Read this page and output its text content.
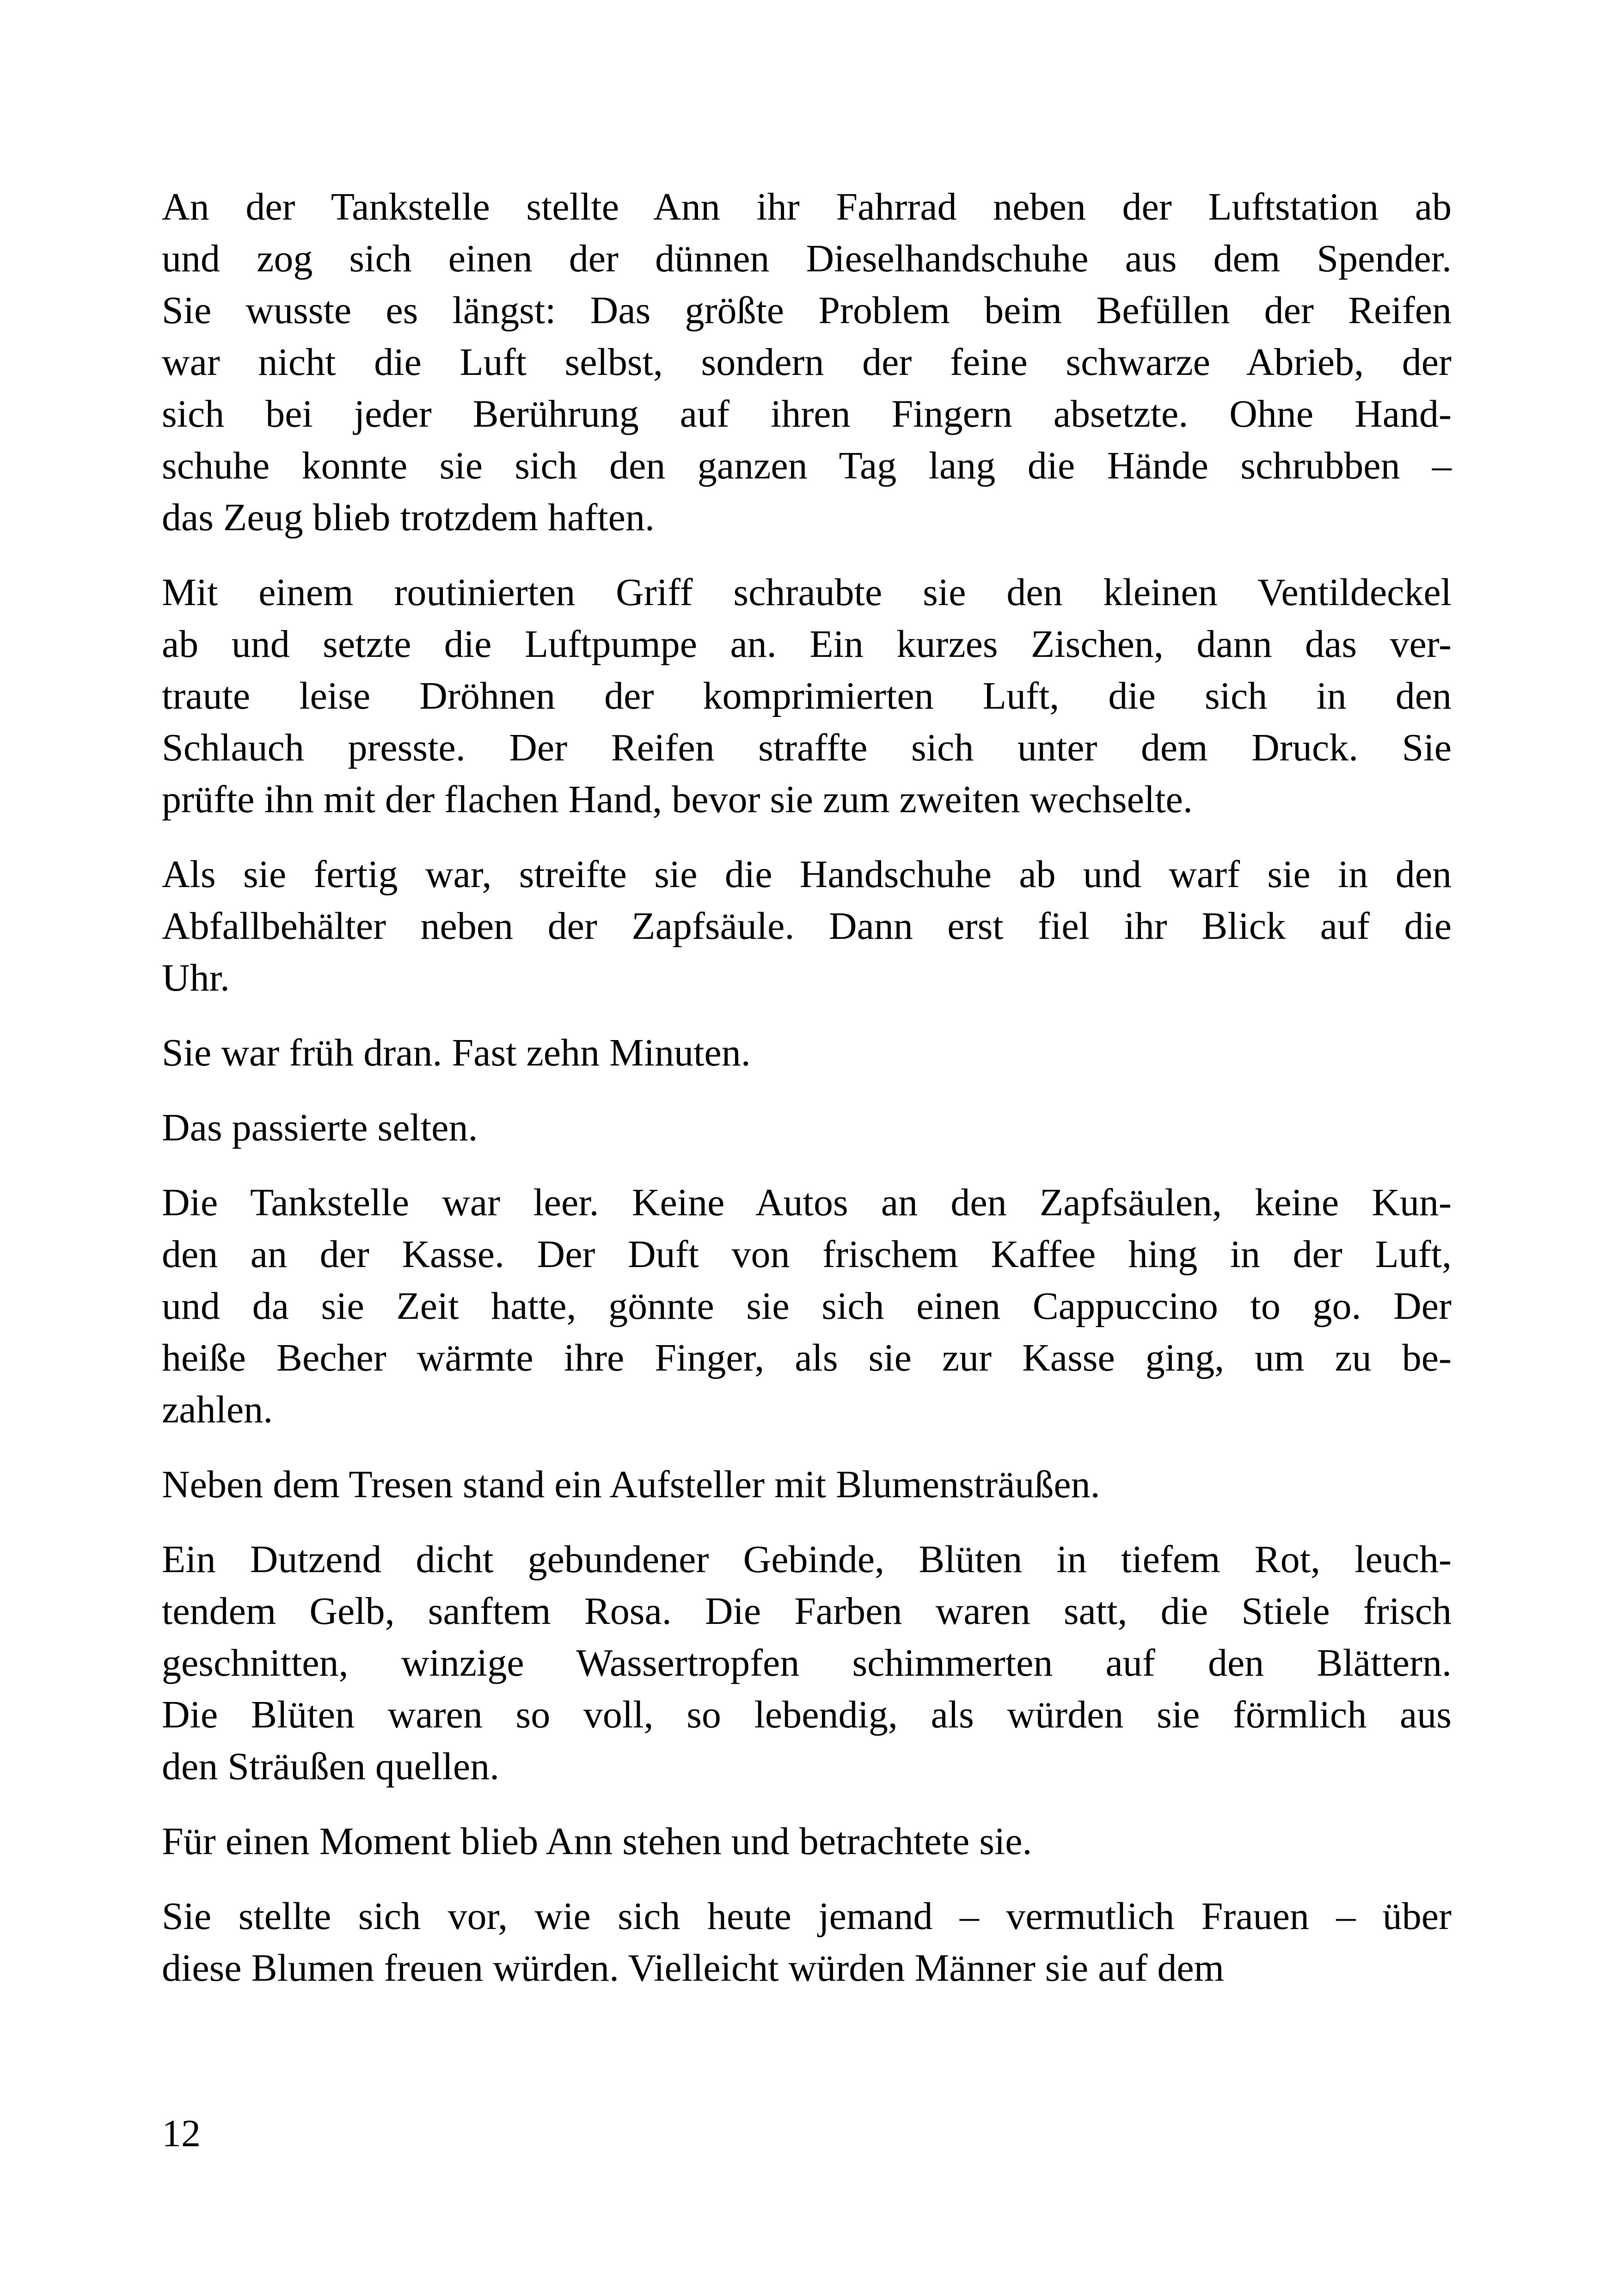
An der Tankstelle stellte Ann ihr Fahrrad neben der Luftstation ab
und zog sich einen der dünnen Dieselhandschuhe aus dem Spender.
Sie wusste es längst: Das größte Problem beim Befüllen der Reifen
war nicht die Luft selbst, sondern der feine schwarze Abrieb, der
sich bei jeder Berührung auf ihren Fingern absetzte. Ohne Hand-
schuhe konnte sie sich den ganzen Tag lang die Hände schrubben –
das Zeug blieb trotzdem haften.
Mit einem routinierten Griff schraubte sie den kleinen Ventildeckel
ab und setzte die Luftpumpe an. Ein kurzes Zischen, dann das ver-
traute leise Dröhnen der komprimierten Luft, die sich in den
Schlauch presste. Der Reifen straffte sich unter dem Druck. Sie
prüfte ihn mit der flachen Hand, bevor sie zum zweiten wechselte.
Als sie fertig war, streifte sie die Handschuhe ab und warf sie in den
Abfallbehälter neben der Zapfsäule. Dann erst fiel ihr Blick auf die
Uhr.
Sie war früh dran. Fast zehn Minuten.
Das passierte selten.
Die Tankstelle war leer. Keine Autos an den Zapfsäulen, keine Kun-
den an der Kasse. Der Duft von frischem Kaffee hing in der Luft,
und da sie Zeit hatte, gönnte sie sich einen Cappuccino to go. Der
heiße Becher wärmte ihre Finger, als sie zur Kasse ging, um zu be-
zahlen.
Neben dem Tresen stand ein Aufsteller mit Blumensträußen.
Ein Dutzend dicht gebundener Gebinde, Blüten in tiefem Rot, leuch-
tendem Gelb, sanftem Rosa. Die Farben waren satt, die Stiele frisch
geschnitten, winzige Wassertropfen schimmerten auf den Blättern.
Die Blüten waren so voll, so lebendig, als würden sie förmlich aus
den Sträußen quellen.
Für einen Moment blieb Ann stehen und betrachtete sie.
Sie stellte sich vor, wie sich heute jemand – vermutlich Frauen – über
diese Blumen freuen würden. Vielleicht würden Männer sie auf dem
12
